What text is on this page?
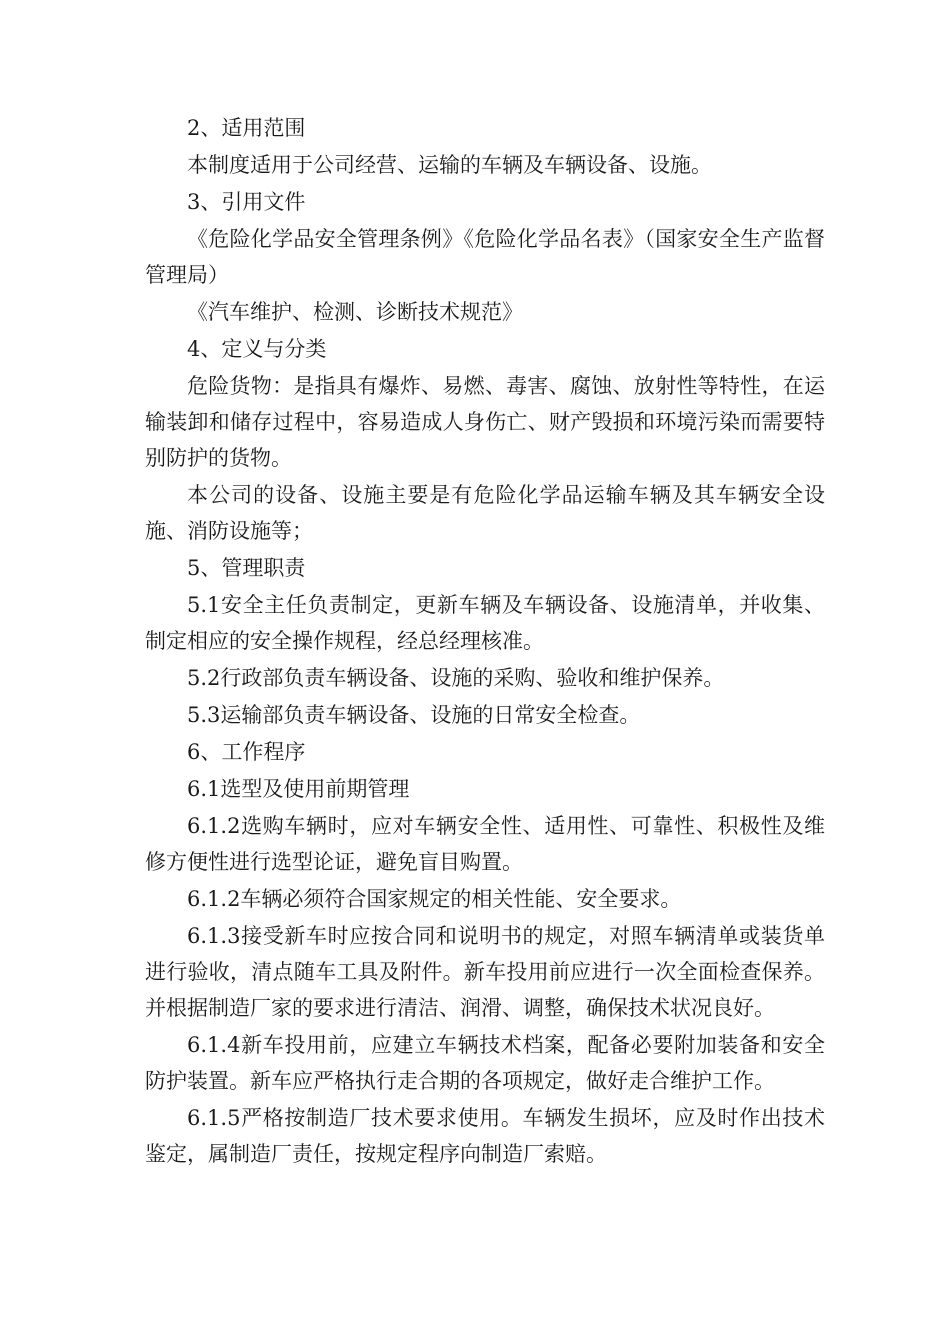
2、适用范围

本制度适用于公司经营、运输的车辆及车辆设备、设施。

3、引用文件

《危险化学品安全管理条例》《危险化学品名表》（国家安全生产监督管理局）

《汽车维护、检测、诊断技术规范》

4、定义与分类

危险货物：是指具有爆炸、易燃、毒害、腐蚀、放射性等特性，在运输装卸和储存过程中，容易造成人身伤亡、财产毁损和环境污染而需要特别防护的货物。

本公司的设备、设施主要是有危险化学品运输车辆及其车辆安全设施、消防设施等；

5、管理职责

5.1安全主任负责制定，更新车辆及车辆设备、设施清单，并收集、制定相应的安全操作规程，经总经理核准。

5.2行政部负责车辆设备、设施的采购、验收和维护保养。

5.3运输部负责车辆设备、设施的日常安全检查。

6、工作程序

6.1选型及使用前期管理

6.1.2选购车辆时，应对车辆安全性、适用性、可靠性、积极性及维修方便性进行选型论证，避免盲目购置。

6.1.2车辆必须符合国家规定的相关性能、安全要求。

6.1.3接受新车时应按合同和说明书的规定，对照车辆清单或装货单进行验收，清点随车工具及附件。新车投用前应进行一次全面检查保养。并根据制造厂家的要求进行清洁、润滑、调整，确保技术状况良好。

6.1.4新车投用前，应建立车辆技术档案，配备必要附加装备和安全防护装置。新车应严格执行走合期的各项规定，做好走合维护工作。

6.1.5严格按制造厂技术要求使用。车辆发生损坏，应及时作出技术鉴定，属制造厂责任，按规定程序向制造厂索赔。
